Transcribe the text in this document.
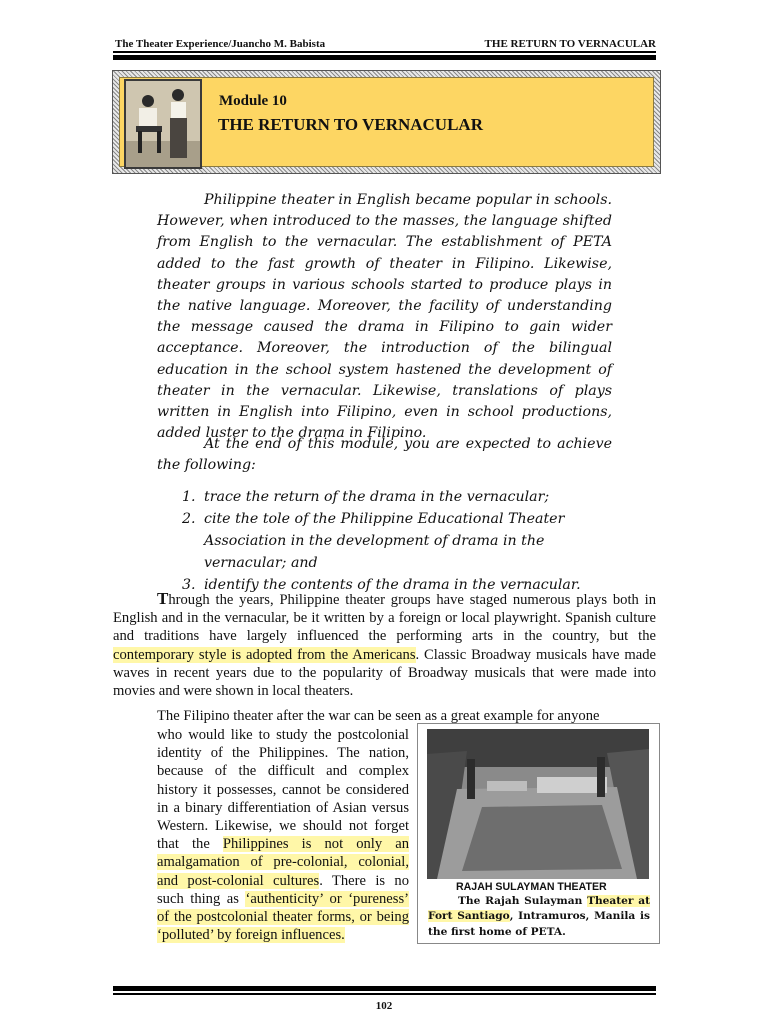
The Theater Experience/Juancho M. Babista	THE RETURN TO VERNACULAR
Module 10
THE RETURN TO VERNACULAR

Philippine theater in English became popular in schools. However, when introduced to the masses, the language shifted from English to the vernacular. The establishment of PETA added to the fast growth of theater in Filipino. Likewise, theater groups in various schools started to produce plays in the native language. Moreover, the facility of understanding the message caused the drama in Filipino to gain wider acceptance. Moreover, the introduction of the bilingual education in the school system hastened the development of theater in the vernacular. Likewise, translations of plays written in English into Filipino, even in school productions, added luster to the drama in Filipino.

At the end of this module, you are expected to achieve the following:

1. trace the return of the drama in the vernacular;
2. cite the tole of the Philippine Educational Theater Association in the development of drama in the vernacular; and
3. identify the contents of the drama in the vernacular.

Through the years, Philippine theater groups have staged numerous plays both in English and in the vernacular, be it written by a foreign or local playwright. Spanish culture and traditions have largely influenced the performing arts in the country, but the contemporary style is adopted from the Americans. Classic Broadway musicals have made waves in recent years due to the popularity of Broadway musicals that were made into movies and were shown in local theaters.

The Filipino theater after the war can be seen as a great example for anyone

who would like to study the postcolonial identity of the Philippines. The nation, because of the difficult and complex history it possesses, cannot be considered in a binary differentiation of Asian versus Western. Likewise, we should not forget that the Philippines is not only an amalgamation of pre-colonial, colonial, and post-colonial cultures. There is no such thing as ‘authenticity’ or ‘pureness’ of the postcolonial theater forms, or being ‘polluted’ by foreign influences.

RAJAH SULAYMAN THEATER
The Rajah Sulayman Theater at Fort Santiago, Intramuros, Manila is the first home of PETA.
102
